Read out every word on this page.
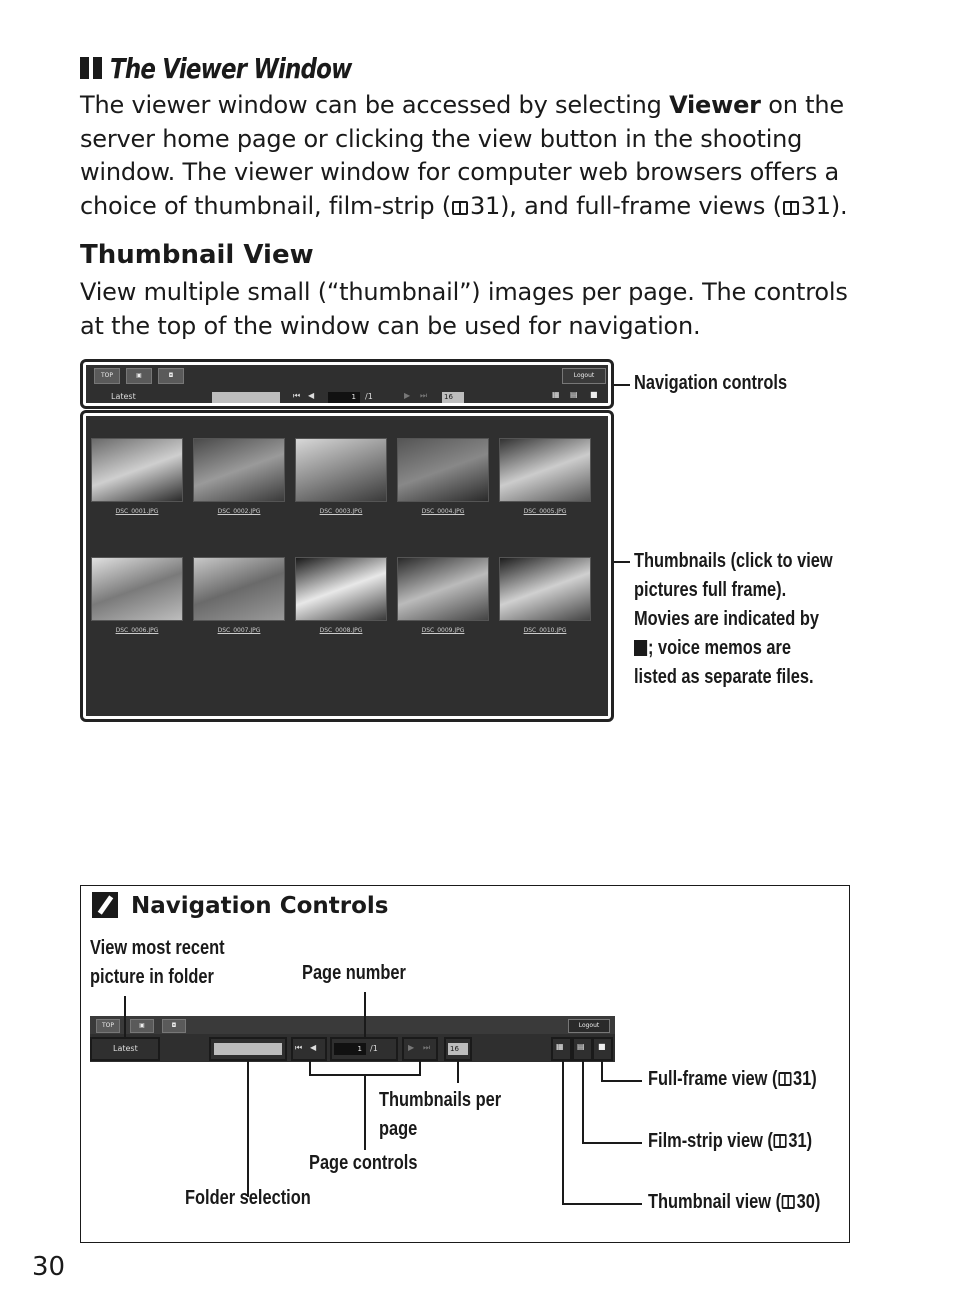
The Viewer Window
The viewer window can be accessed by selecting Viewer on the server home page or clicking the view button in the shooting window. The viewer window for computer web browsers offers a choice of thumbnail, film-strip ( 31), and full-frame views ( 31).
Thumbnail View
View multiple small (“thumbnail”) images per page. The controls at the top of the window can be used for navigation.
TOP	▣	◘	Logout
Latest	⏮ ◀	1	/1	▶ ⏭ 16	▦ ▤ ■
DSC_0001.JPG	DSC_0002.JPG	DSC_0003.JPG	DSC_0004.JPG	DSC_0005.JPG
DSC_0006.JPG	DSC_0007.JPG	DSC_0008.JPG	DSC_0009.JPG	DSC_0010.JPG
Navigation controls
Thumbnails (click to view
pictures full frame).
Movies are indicated by
; voice memos are
listed as separate files.
Navigation Controls
View most recent
picture in folder	Page number
TOP	▣	◘	Logout
Latest	⏮ ◀	1	/1	▶ ⏭	16	▦ ▤ ■
Thumbnails per
page
Page controls
Folder selection
Full-frame view ( 31)
Film-strip view ( 31)
Thumbnail view ( 30)
30
